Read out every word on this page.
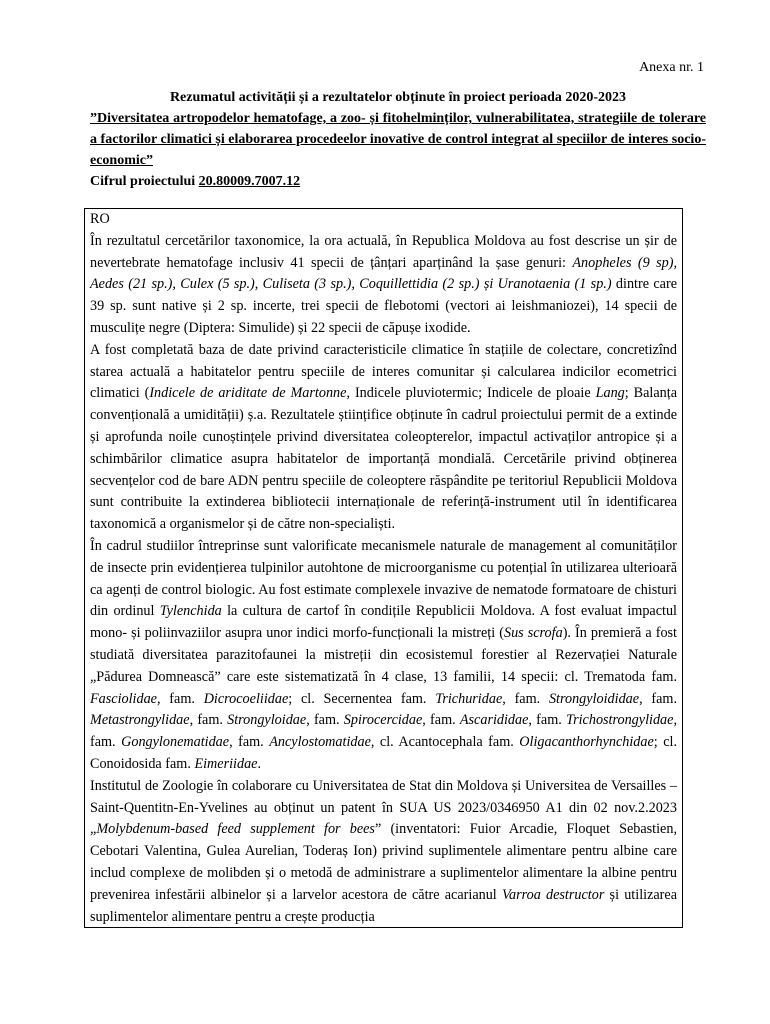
Anexa nr. 1
Rezumatul activității și a rezultatelor obținute în proiect perioada 2020-2023
”Diversitatea artropodelor hematofage, a zoo- și fitohelminților, vulnerabilitatea, strategiile de tolerare a factorilor climatici și elaborarea procedeelor inovative de control integrat al speciilor de interes socio-economic”
Cifrul proiectului 20.80009.7007.12

RO

În rezultatul cercetărilor taxonomice, la ora actuală, în Republica Moldova au fost descrise un șir de nevertebrate hematofage inclusiv 41 specii de țânțari aparținând la șase genuri: Anopheles (9 sp), Aedes (21 sp.), Culex (5 sp.), Culiseta (3 sp.), Coquillettidia (2 sp.) și Uranotaenia (1 sp.) dintre care 39 sp. sunt native și 2 sp. incerte, trei specii de flebotomi (vectori ai leishmaniozei), 14 specii de musculițe negre (Diptera: Simulide) și 22 specii de căpușe ixodide.

A fost completată baza de date privind caracteristicile climatice în stațiile de colectare, concretizînd starea actuală a habitatelor pentru speciile de interes comunitar și calcularea indicilor ecometrici climatici (Indicele de ariditate de Martonne, Indicele pluviotermic; Indicele de ploaie Lang; Balanța convențională a umidității) ș.a. Rezultatele științifice obținute în cadrul proiectului permit de a extinde și aprofunda noile cunoștințele privind diversitatea coleopterelor, impactul activaților antropice și a schimbărilor climatice asupra habitatelor de importanță mondială. Cercetările privind obținerea secvențelor cod de bare ADN pentru speciile de coleoptere răspândite pe teritoriul Republicii Moldova sunt contribuite la extinderea bibliotecii internaționale de referință-instrument util în identificarea taxonomică a organismelor și de către non-specialiști.

În cadrul studiilor întreprinse sunt valorificate mecanismele naturale de management al comunităților de insecte prin evidențierea tulpinilor autohtone de microorganisme cu potențial în utilizarea ulterioară ca agenți de control biologic. Au fost estimate complexele invazive de nematode formatoare de chisturi din ordinul Tylenchida la cultura de cartof în condițile Republicii Moldova. A fost evaluat impactul mono- și poliinvaziilor asupra unor indici morfo-funcționali la mistreți (Sus scrofa). În premieră a fost studiată diversitatea parazitofaunei la mistreții din ecosistemul forestier al Rezervației Naturale „Pădurea Domnească” care este sistematizată în 4 clase, 13 familii, 14 specii: cl. Trematoda fam. Fasciolidae, fam. Dicrocoeliidae; cl. Secernentea fam. Trichuridae, fam. Strongyloididae, fam. Metastrongylidae, fam. Strongyloidae, fam. Spirocercidae, fam. Ascarididae, fam. Trichostrongylidae, fam. Gongylonematidae, fam. Ancylostomatidae, cl. Acantocephala fam. Oligacanthorhynchidae; cl. Conoidosida fam. Eimeriidae.

Institutul de Zoologie în colaborare cu Universitatea de Stat din Moldova și Universitea de Versailles –Saint-Quentitn-En-Yvelines au obținut un patent în SUA US 2023/0346950 A1 din 02 nov.2.2023 „Molybdenum-based feed supplement for bees” (inventatori: Fuior Arcadie, Floquet Sebastien, Cebotari Valentina, Gulea Aurelian, Toderaș Ion) privind suplimentele alimentare pentru albine care includ complexe de molibden și o metodă de administrare a suplimentelor alimentare la albine pentru prevenirea infestării albinelor și a larvelor acestora de către acarianul Varroa destructor și utilizarea suplimentelor alimentare pentru a crește producția
